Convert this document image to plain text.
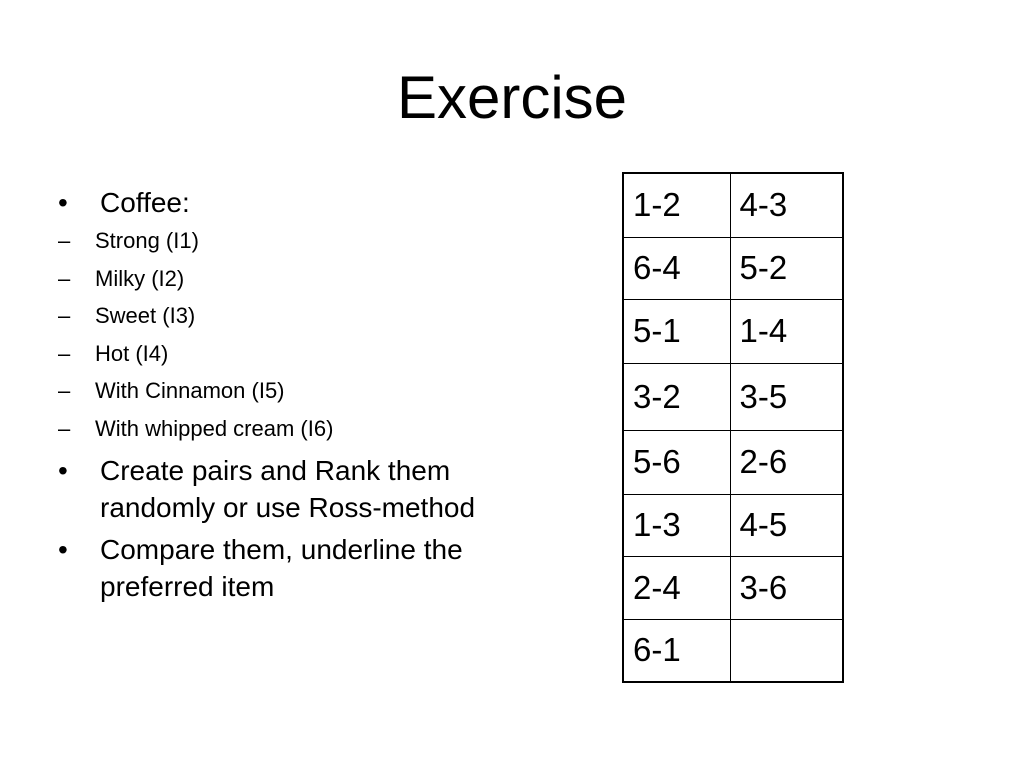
Exercise
• Coffee:
– Strong (I1)
– Milky (I2)
– Sweet (I3)
– Hot (I4)
– With Cinnamon (I5)
– With whipped cream (I6)
• Create pairs and Rank them randomly or use Ross-method
• Compare them, underline the preferred item
1-2	4-3
6-4	5-2
5-1	1-4
3-2	3-5
5-6	2-6
1-3	4-5
2-4	3-6
6-1	
